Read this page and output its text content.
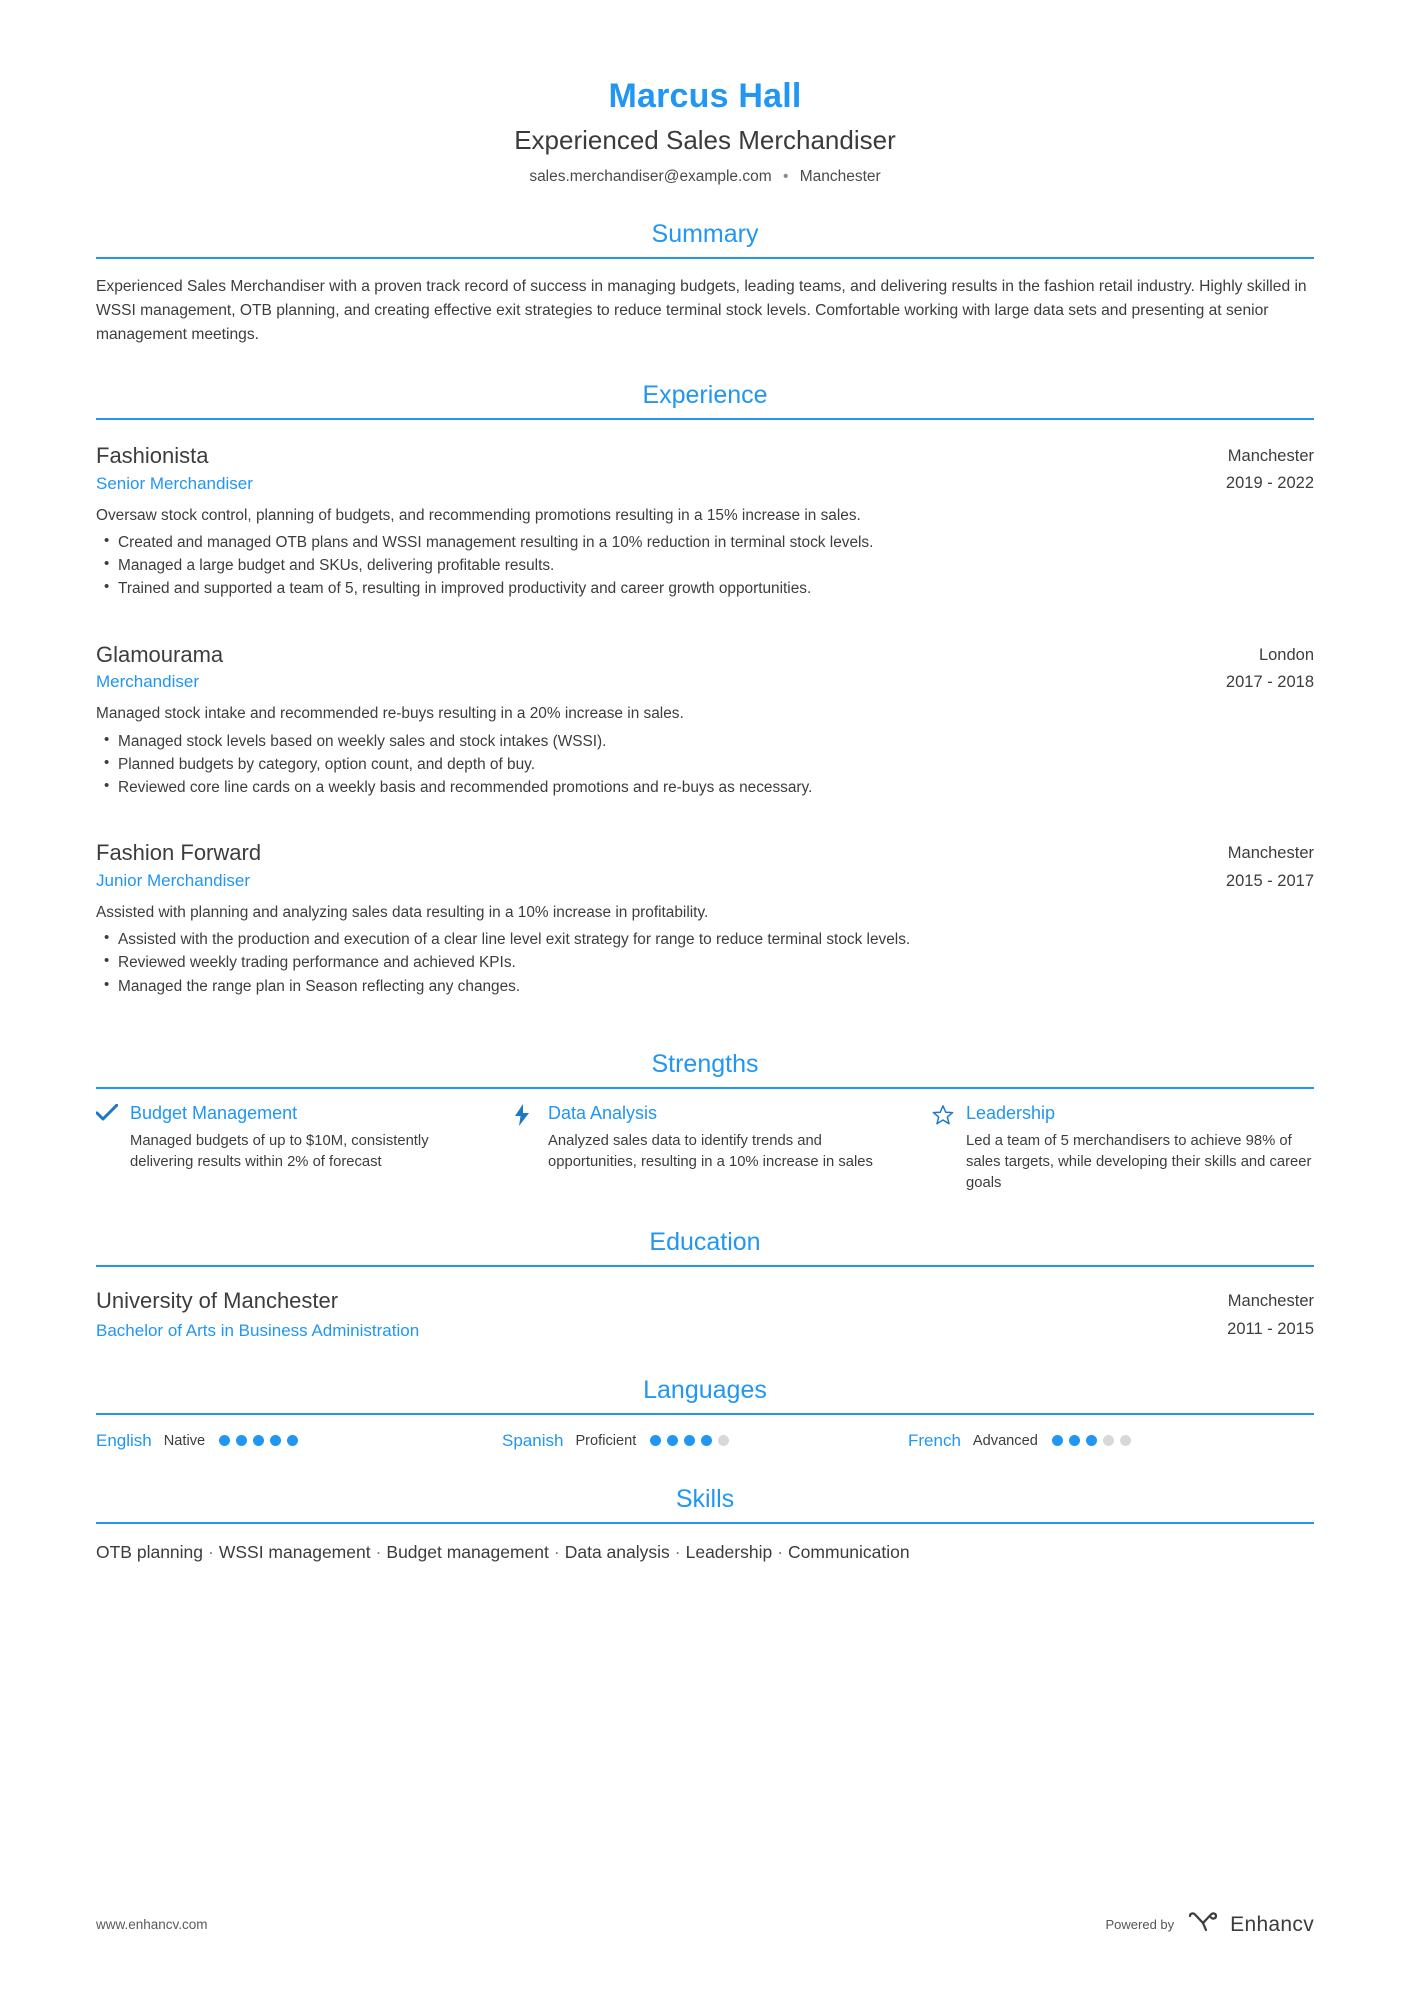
Marcus Hall
Experienced Sales Merchandiser
sales.merchandiser@example.com • Manchester
Summary
Experienced Sales Merchandiser with a proven track record of success in managing budgets, leading teams, and delivering results in the fashion retail industry. Highly skilled in WSSI management, OTB planning, and creating effective exit strategies to reduce terminal stock levels. Comfortable working with large data sets and presenting at senior management meetings.
Experience
Fashionista
Senior Merchandiser
Manchester
2019 - 2022
Oversaw stock control, planning of budgets, and recommending promotions resulting in a 15% increase in sales.
• Created and managed OTB plans and WSSI management resulting in a 10% reduction in terminal stock levels.
• Managed a large budget and SKUs, delivering profitable results.
• Trained and supported a team of 5, resulting in improved productivity and career growth opportunities.
Glamourama
Merchandiser
London
2017 - 2018
Managed stock intake and recommended re-buys resulting in a 20% increase in sales.
• Managed stock levels based on weekly sales and stock intakes (WSSI).
• Planned budgets by category, option count, and depth of buy.
• Reviewed core line cards on a weekly basis and recommended promotions and re-buys as necessary.
Fashion Forward
Junior Merchandiser
Manchester
2015 - 2017
Assisted with planning and analyzing sales data resulting in a 10% increase in profitability.
• Assisted with the production and execution of a clear line level exit strategy for range to reduce terminal stock levels.
• Reviewed weekly trading performance and achieved KPIs.
• Managed the range plan in Season reflecting any changes.
Strengths
Budget Management
Managed budgets of up to $10M, consistently delivering results within 2% of forecast
Data Analysis
Analyzed sales data to identify trends and opportunities, resulting in a 10% increase in sales
Leadership
Led a team of 5 merchandisers to achieve 98% of sales targets, while developing their skills and career goals
Education
University of Manchester
Bachelor of Arts in Business Administration
Manchester
2011 - 2015
Languages
English Native	Spanish Proficient	French Advanced
Skills
OTB planning · WSSI management · Budget management · Data analysis · Leadership · Communication
www.enhancv.com	Powered by	Enhancv
